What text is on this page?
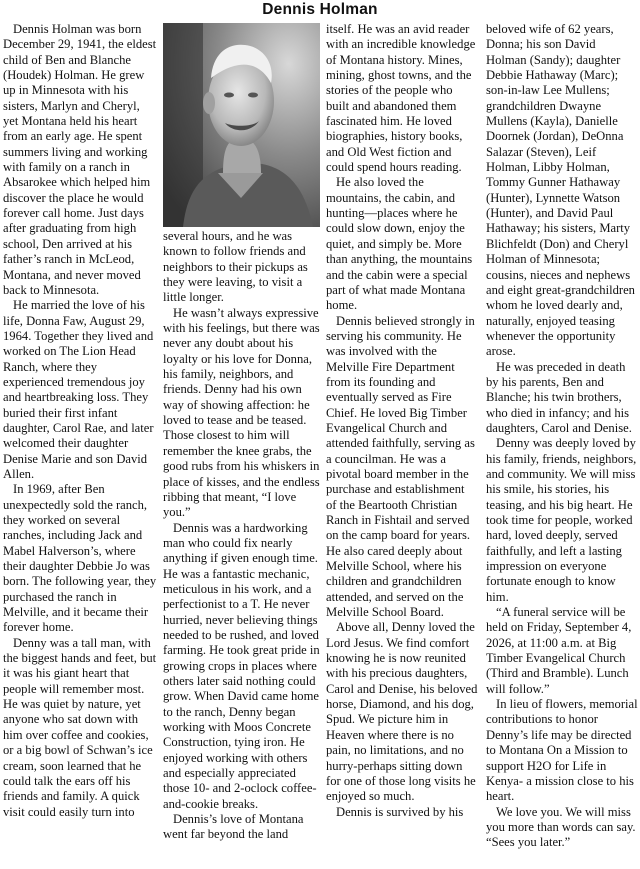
Dennis Holman

Dennis Holman was born December 29, 1941, the eldest child of Ben and Blanche (Houdek) Holman. He grew up in Minnesota with his sisters, Marlyn and Cheryl, yet Montana held his heart from an early age. He spent summers living and working with family on a ranch in Absarokee which helped him discover the place he would forever call home. Just days after graduating from high school, Den arrived at his father’s ranch in McLeod, Montana, and never moved back to Minnesota.

He married the love of his life, Donna Faw, August 29, 1964. Together they lived and worked on The Lion Head Ranch, where they experienced tremendous joy and heartbreaking loss. They buried their first infant daughter, Carol Rae, and later welcomed their daughter Denise Marie and son David Allen.

In 1969, after Ben unexpectedly sold the ranch, they worked on several ranches, including Jack and Mabel Halverson’s, where their daughter Debbie Jo was born. The following year, they purchased the ranch in Melville, and it became their forever home.

Denny was a tall man, with the biggest hands and feet, but it was his giant heart that people will remember most. He was quiet by nature, yet anyone who sat down with him over coffee and cookies, or a big bowl of Schwan’s ice cream, soon learned that he could talk the ears off his friends and family. A quick visit could easily turn into

several hours, and he was known to follow friends and neighbors to their pickups as they were leaving, to visit a little longer.

He wasn’t always expressive with his feelings, but there was never any doubt about his loyalty or his love for Donna, his family, neighbors, and friends. Denny had his own way of showing affection: he loved to tease and be teased. Those closest to him will remember the knee grabs, the good rubs from his whiskers in place of kisses, and the endless ribbing that meant, “I love you.”

Dennis was a hardworking man who could fix nearly anything if given enough time. He was a fantastic mechanic, meticulous in his work, and a perfectionist to a T. He never hurried, never believing things needed to be rushed, and loved farming. He took great pride in growing crops in places where others later said nothing could grow. When David came home to the ranch, Denny began working with Moos Concrete Construction, tying iron. He enjoyed working with others and especially appreciated those 10- and 2-oclock coffee-and-cookie breaks.

Dennis’s love of Montana went far beyond the land

itself. He was an avid reader with an incredible knowledge of Montana history. Mines, mining, ghost towns, and the stories of the people who built and abandoned them fascinated him. He loved biographies, history books, and Old West fiction and could spend hours reading.

He also loved the mountains, the cabin, and hunting—places where he could slow down, enjoy the quiet, and simply be. More than anything, the mountains and the cabin were a special part of what made Montana home.

Dennis believed strongly in serving his community. He was involved with the Melville Fire Department from its founding and eventually served as Fire Chief. He loved Big Timber Evangelical Church and attended faithfully, serving as a councilman. He was a pivotal board member in the purchase and establishment of the Beartooth Christian Ranch in Fishtail and served on the camp board for years. He also cared deeply about Melville School, where his children and grandchildren attended, and served on the Melville School Board.

Above all, Denny loved the Lord Jesus. We find comfort knowing he is now reunited with his precious daughters, Carol and Denise, his beloved horse, Diamond, and his dog, Spud. We picture him in Heaven where there is no pain, no limitations, and no hurry-perhaps sitting down for one of those long visits he enjoyed so much.

Dennis is survived by his

beloved wife of 62 years, Donna; his son David Holman (Sandy); daughter Debbie Hathaway (Marc); son-in-law Lee Mullens; grandchildren Dwayne Mullens (Kayla), Danielle Doornek (Jordan), DeOnna Salazar (Steven), Leif Holman, Libby Holman, Tommy Gunner Hathaway (Hunter), Lynnette Watson (Hunter), and David Paul Hathaway; his sisters, Marty Blichfeldt (Don) and Cheryl Holman of Minnesota; cousins, nieces and nephews and eight great-grandchildren whom he loved dearly and, naturally, enjoyed teasing whenever the opportunity arose.

He was preceded in death by his parents, Ben and Blanche; his twin brothers, who died in infancy; and his daughters, Carol and Denise.

Denny was deeply loved by his family, friends, neighbors, and community. We will miss his smile, his stories, his teasing, and his big heart. He took time for people, worked hard, loved deeply, served faithfully, and left a lasting impression on everyone fortunate enough to know him.

“A funeral service will be held on Friday, September 4, 2026, at 11:00 a.m. at Big Timber Evangelical Church (Third and Bramble). Lunch will follow.”

In lieu of flowers, memorial contributions to honor Denny’s life may be directed to Montana On a Mission to support H2O for Life in Kenya- a mission close to his heart.

We love you. We will miss you more than words can say. “Sees you later.”
